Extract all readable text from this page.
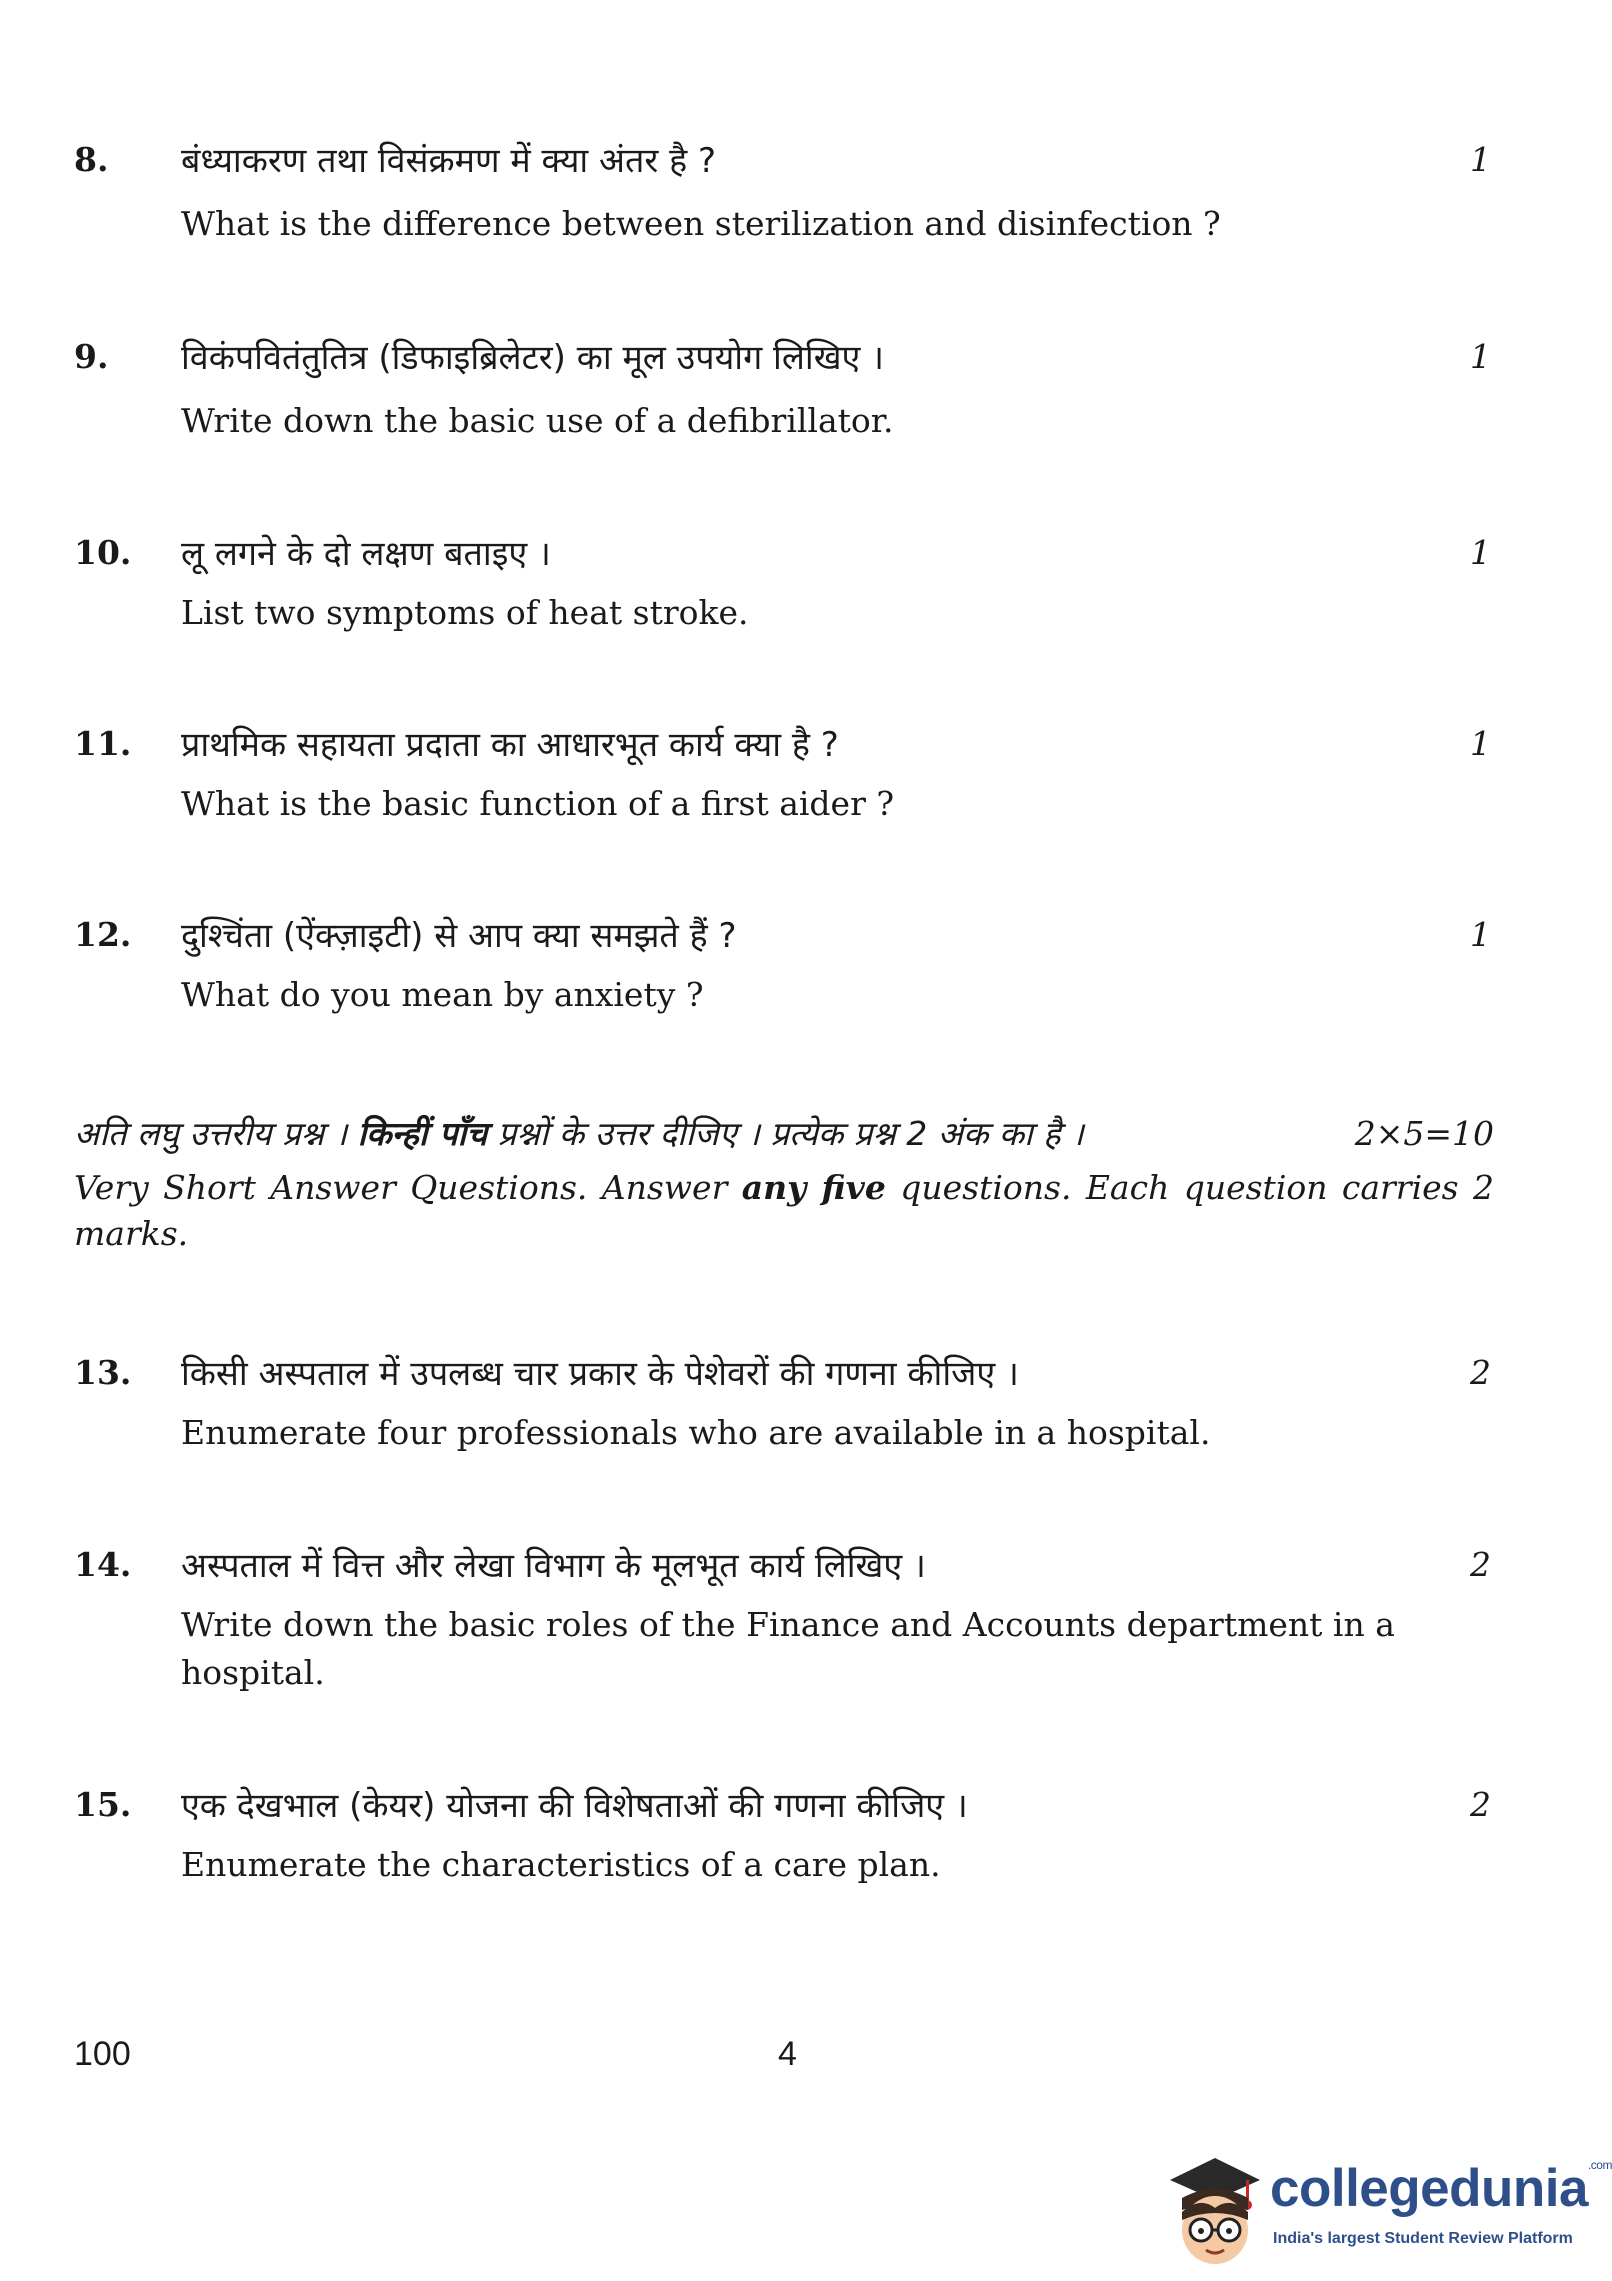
8. बंध्याकरण तथा विसंक्रमण में क्या अंतर है ?	1
What is the difference between sterilization and disinfection ?
9. विकंपवितंतुतित्र (डिफाइब्रिलेटर) का मूल उपयोग लिखिए ।	1
Write down the basic use of a defibrillator.
10. लू लगने के दो लक्षण बताइए ।	1
List two symptoms of heat stroke.
11. प्राथमिक सहायता प्रदाता का आधारभूत कार्य क्या है ?	1
What is the basic function of a first aider ?
12. दुश्चिंता (ऐंक्ज़ाइटी) से आप क्या समझते हैं ?	1
What do you mean by anxiety ?
अति लघु उत्तरीय प्रश्न । किन्हीं पाँच प्रश्नों के उत्तर दीजिए । प्रत्येक प्रश्न 2 अंक का है ।	2×5=10
Very Short Answer Questions. Answer any five questions. Each question carries 2 marks.
13. किसी अस्पताल में उपलब्ध चार प्रकार के पेशेवरों की गणना कीजिए ।	2
Enumerate four professionals who are available in a hospital.
14. अस्पताल में वित्त और लेखा विभाग के मूलभूत कार्य लिखिए ।	2
Write down the basic roles of the Finance and Accounts department in a hospital.
15. एक देखभाल (केयर) योजना की विशेषताओं की गणना कीजिए ।	2
Enumerate the characteristics of a care plan.
100	4
collegedunia$^{.com}$
India's largest Student Review Platform
